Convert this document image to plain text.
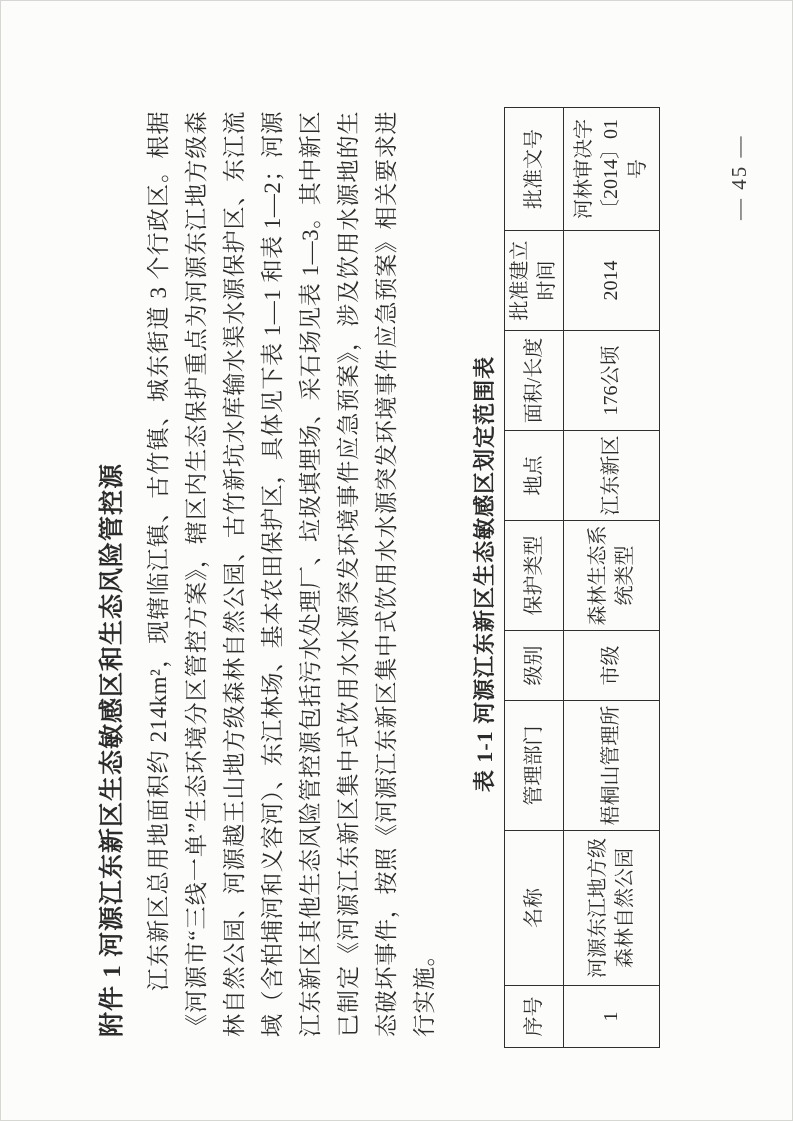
附件 1 河源江东新区生态敏感区和生态风险管控源 江东新区总用地面积约 214km²，现辖临江镇、古竹镇、城东街道 3 个行政区。根据《河源市“三线一单”生态环境分区管控方案》，辖区内生态保护重点为河源东江地方级森林自然公园、河源越王山地方级森林自然公园、古竹新坑水库输水渠水源保护区、东江流域（含柏埔河和义容河）、东江林场、基本农田保护区，具体见下表 1—1 和表 1—2；河源江东新区其他生态风险管控源包括污水处理厂、垃圾填埋场、采石场见表 1—3。其中新区已制定《河源江东新区集中式饮用水水源突发环境事件应急预案》，涉及饮用水源地的生态破坏事件，按照《河源江东新区集中式饮用水水源突发环境事件应急预案》相关要求进行实施。

表 1-1 河源江东新区生态敏感区划定范围表
序号	名称	管理部门	级别	保护类型	地点	面积/长度	批准建立时间	批准文号
1	河源东江地方级森林自然公园	梧桐山管理所	市级	森林生态系统类型	江东新区	176公顷	2014	河林审决字〔2014〕01号	— 45 —
